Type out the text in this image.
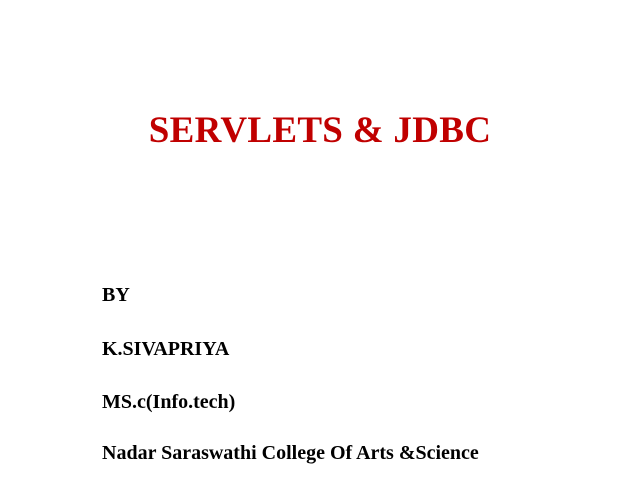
SERVLETS & JDBC
BY
K.SIVAPRIYA
MS.c(Info.tech)
Nadar Saraswathi College Of Arts &Science
